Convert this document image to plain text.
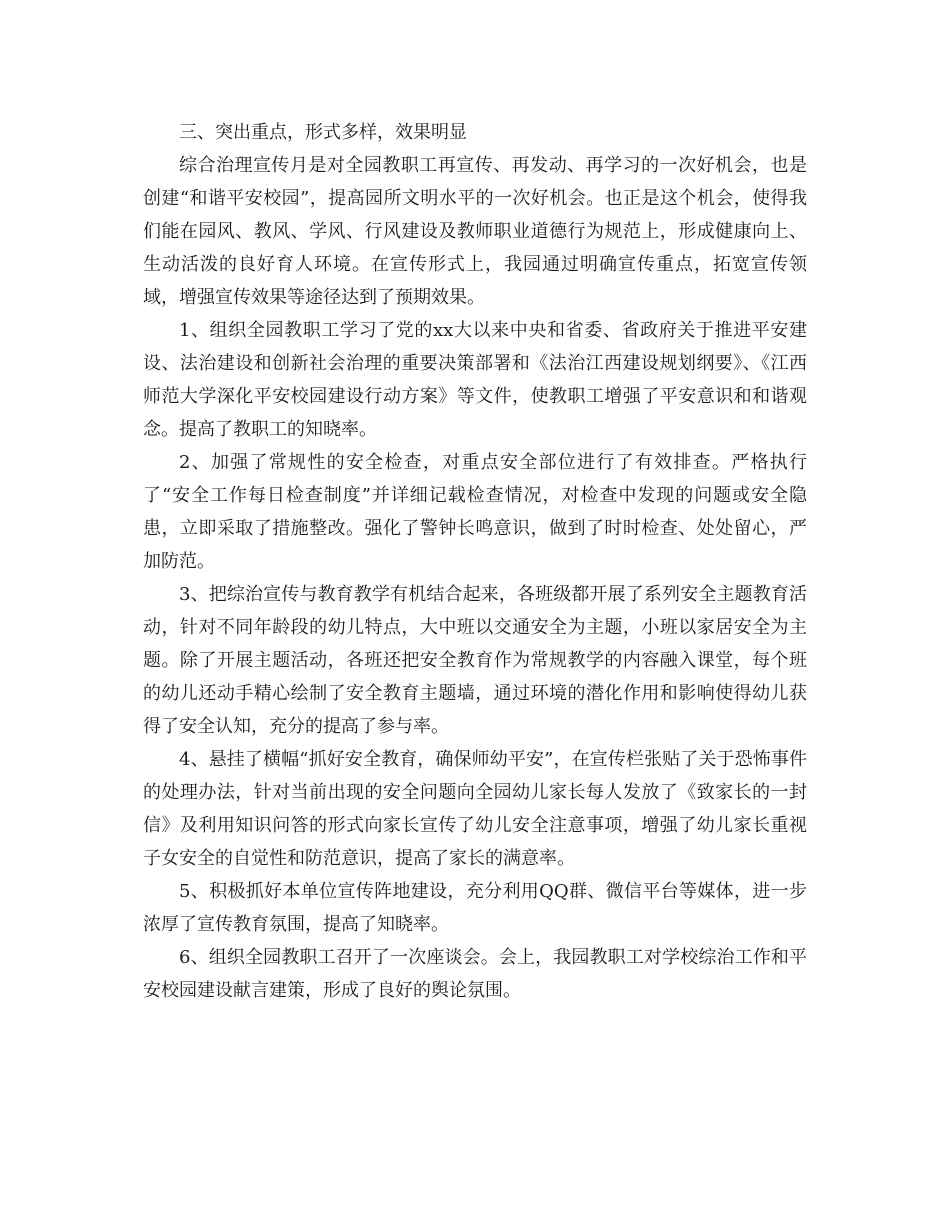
三、突出重点，形式多样，效果明显

综合治理宣传月是对全园教职工再宣传、再发动、再学习的一次好机会，也是创建“和谐平安校园”，提高园所文明水平的一次好机会。也正是这个机会，使得我们能在园风、教风、学风、行风建设及教师职业道德行为规范上，形成健康向上、生动活泼的良好育人环境。在宣传形式上，我园通过明确宣传重点，拓宽宣传领域，增强宣传效果等途径达到了预期效果。

1、组织全园教职工学习了党的xx大以来中央和省委、省政府关于推进平安建设、法治建设和创新社会治理的重要决策部署和《法治江西建设规划纲要》、《江西师范大学深化平安校园建设行动方案》等文件，使教职工增强了平安意识和和谐观念。提高了教职工的知晓率。

2、加强了常规性的安全检查，对重点安全部位进行了有效排查。严格执行了“安全工作每日检查制度”并详细记载检查情况，对检查中发现的问题或安全隐患，立即采取了措施整改。强化了警钟长鸣意识，做到了时时检查、处处留心，严加防范。

3、把综治宣传与教育教学有机结合起来，各班级都开展了系列安全主题教育活动，针对不同年龄段的幼儿特点，大中班以交通安全为主题，小班以家居安全为主题。除了开展主题活动，各班还把安全教育作为常规教学的内容融入课堂，每个班的幼儿还动手精心绘制了安全教育主题墙，通过环境的潜化作用和影响使得幼儿获得了安全认知，充分的提高了参与率。

4、悬挂了横幅“抓好安全教育，确保师幼平安”，在宣传栏张贴了关于恐怖事件的处理办法，针对当前出现的安全问题向全园幼儿家长每人发放了《致家长的一封信》及利用知识问答的形式向家长宣传了幼儿安全注意事项，增强了幼儿家长重视子女安全的自觉性和防范意识，提高了家长的满意率。

5、积极抓好本单位宣传阵地建设，充分利用QQ群、微信平台等媒体，进一步浓厚了宣传教育氛围，提高了知晓率。

6、组织全园教职工召开了一次座谈会。会上，我园教职工对学校综治工作和平安校园建设献言建策，形成了良好的舆论氛围。
